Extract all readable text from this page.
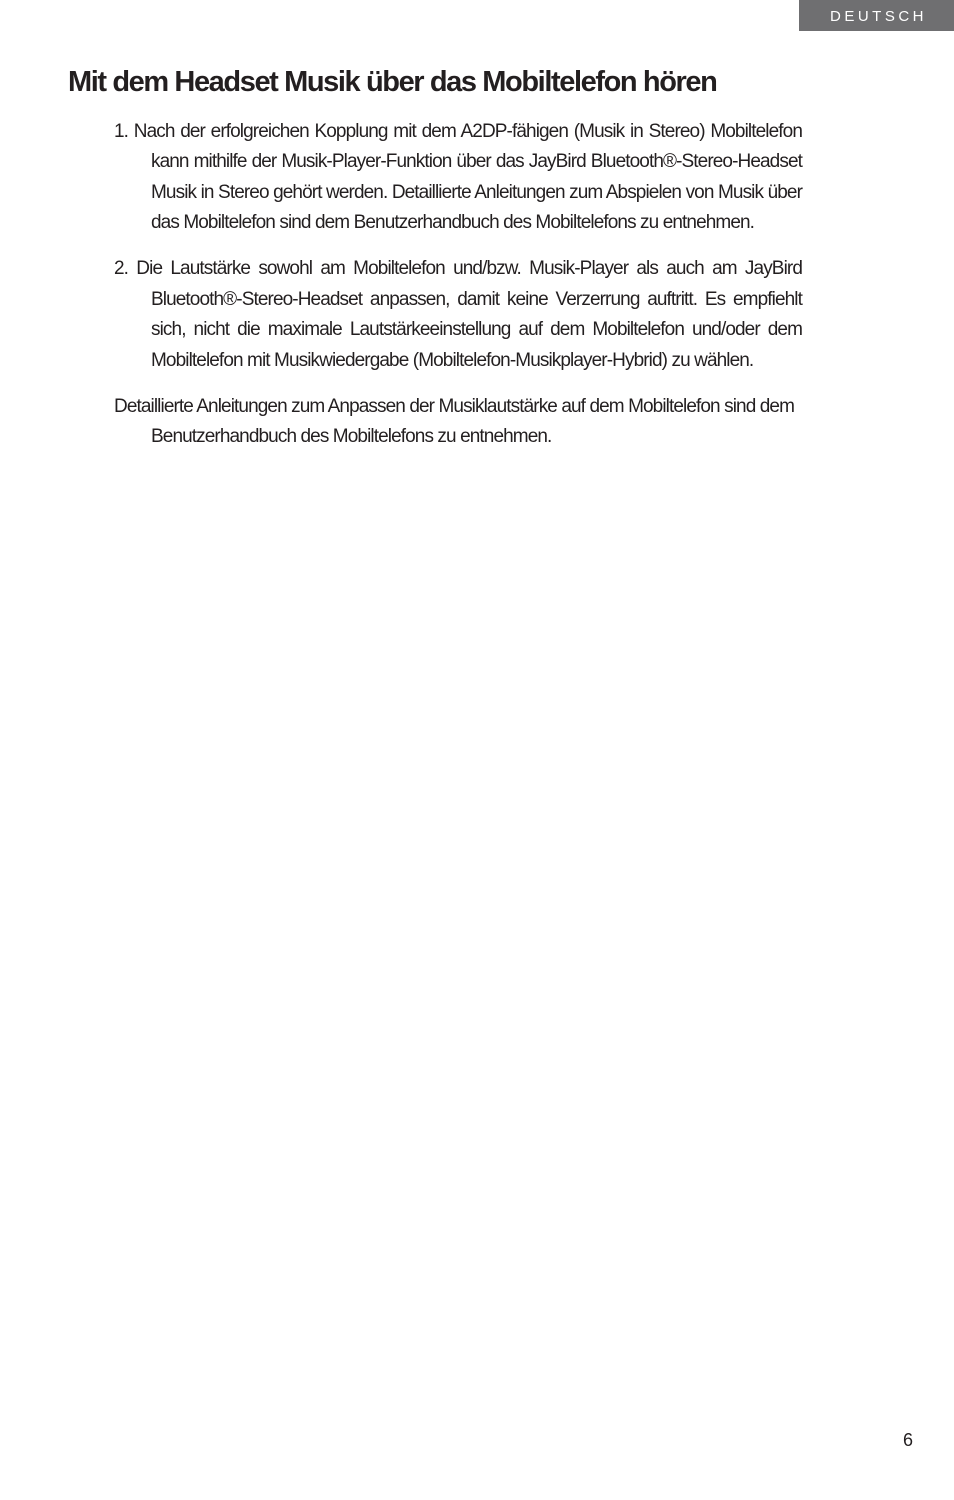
DEUTSCH
Mit dem Headset Musik über das Mobiltelefon hören

1. Nach der erfolgreichen Kopplung mit dem A2DP-fähigen (Musik in Stereo) Mobiltelefon kann mithilfe der Musik-Player-Funktion über das JayBird Bluetooth®-Stereo-Headset Musik in Stereo gehört werden. Detaillierte Anleitungen zum Abspielen von Musik über das Mobiltelefon sind dem Benutzerhandbuch des Mobiltelefons zu entnehmen.

2. Die Lautstärke sowohl am Mobiltelefon und/bzw. Musik-Player als auch am JayBird Bluetooth®-Stereo-Headset anpassen, damit keine Verzerrung auftritt. Es empfiehlt sich, nicht die maximale Lautstärkeeinstellung auf dem Mobiltelefon und/oder dem Mobiltelefon mit Musikwiedergabe (Mobiltelefon-Musikplayer-Hybrid) zu wählen.

Detaillierte Anleitungen zum Anpassen der Musiklautstärke auf dem Mobiltelefon sind dem Benutzerhandbuch des Mobiltelefons zu entnehmen.

6
